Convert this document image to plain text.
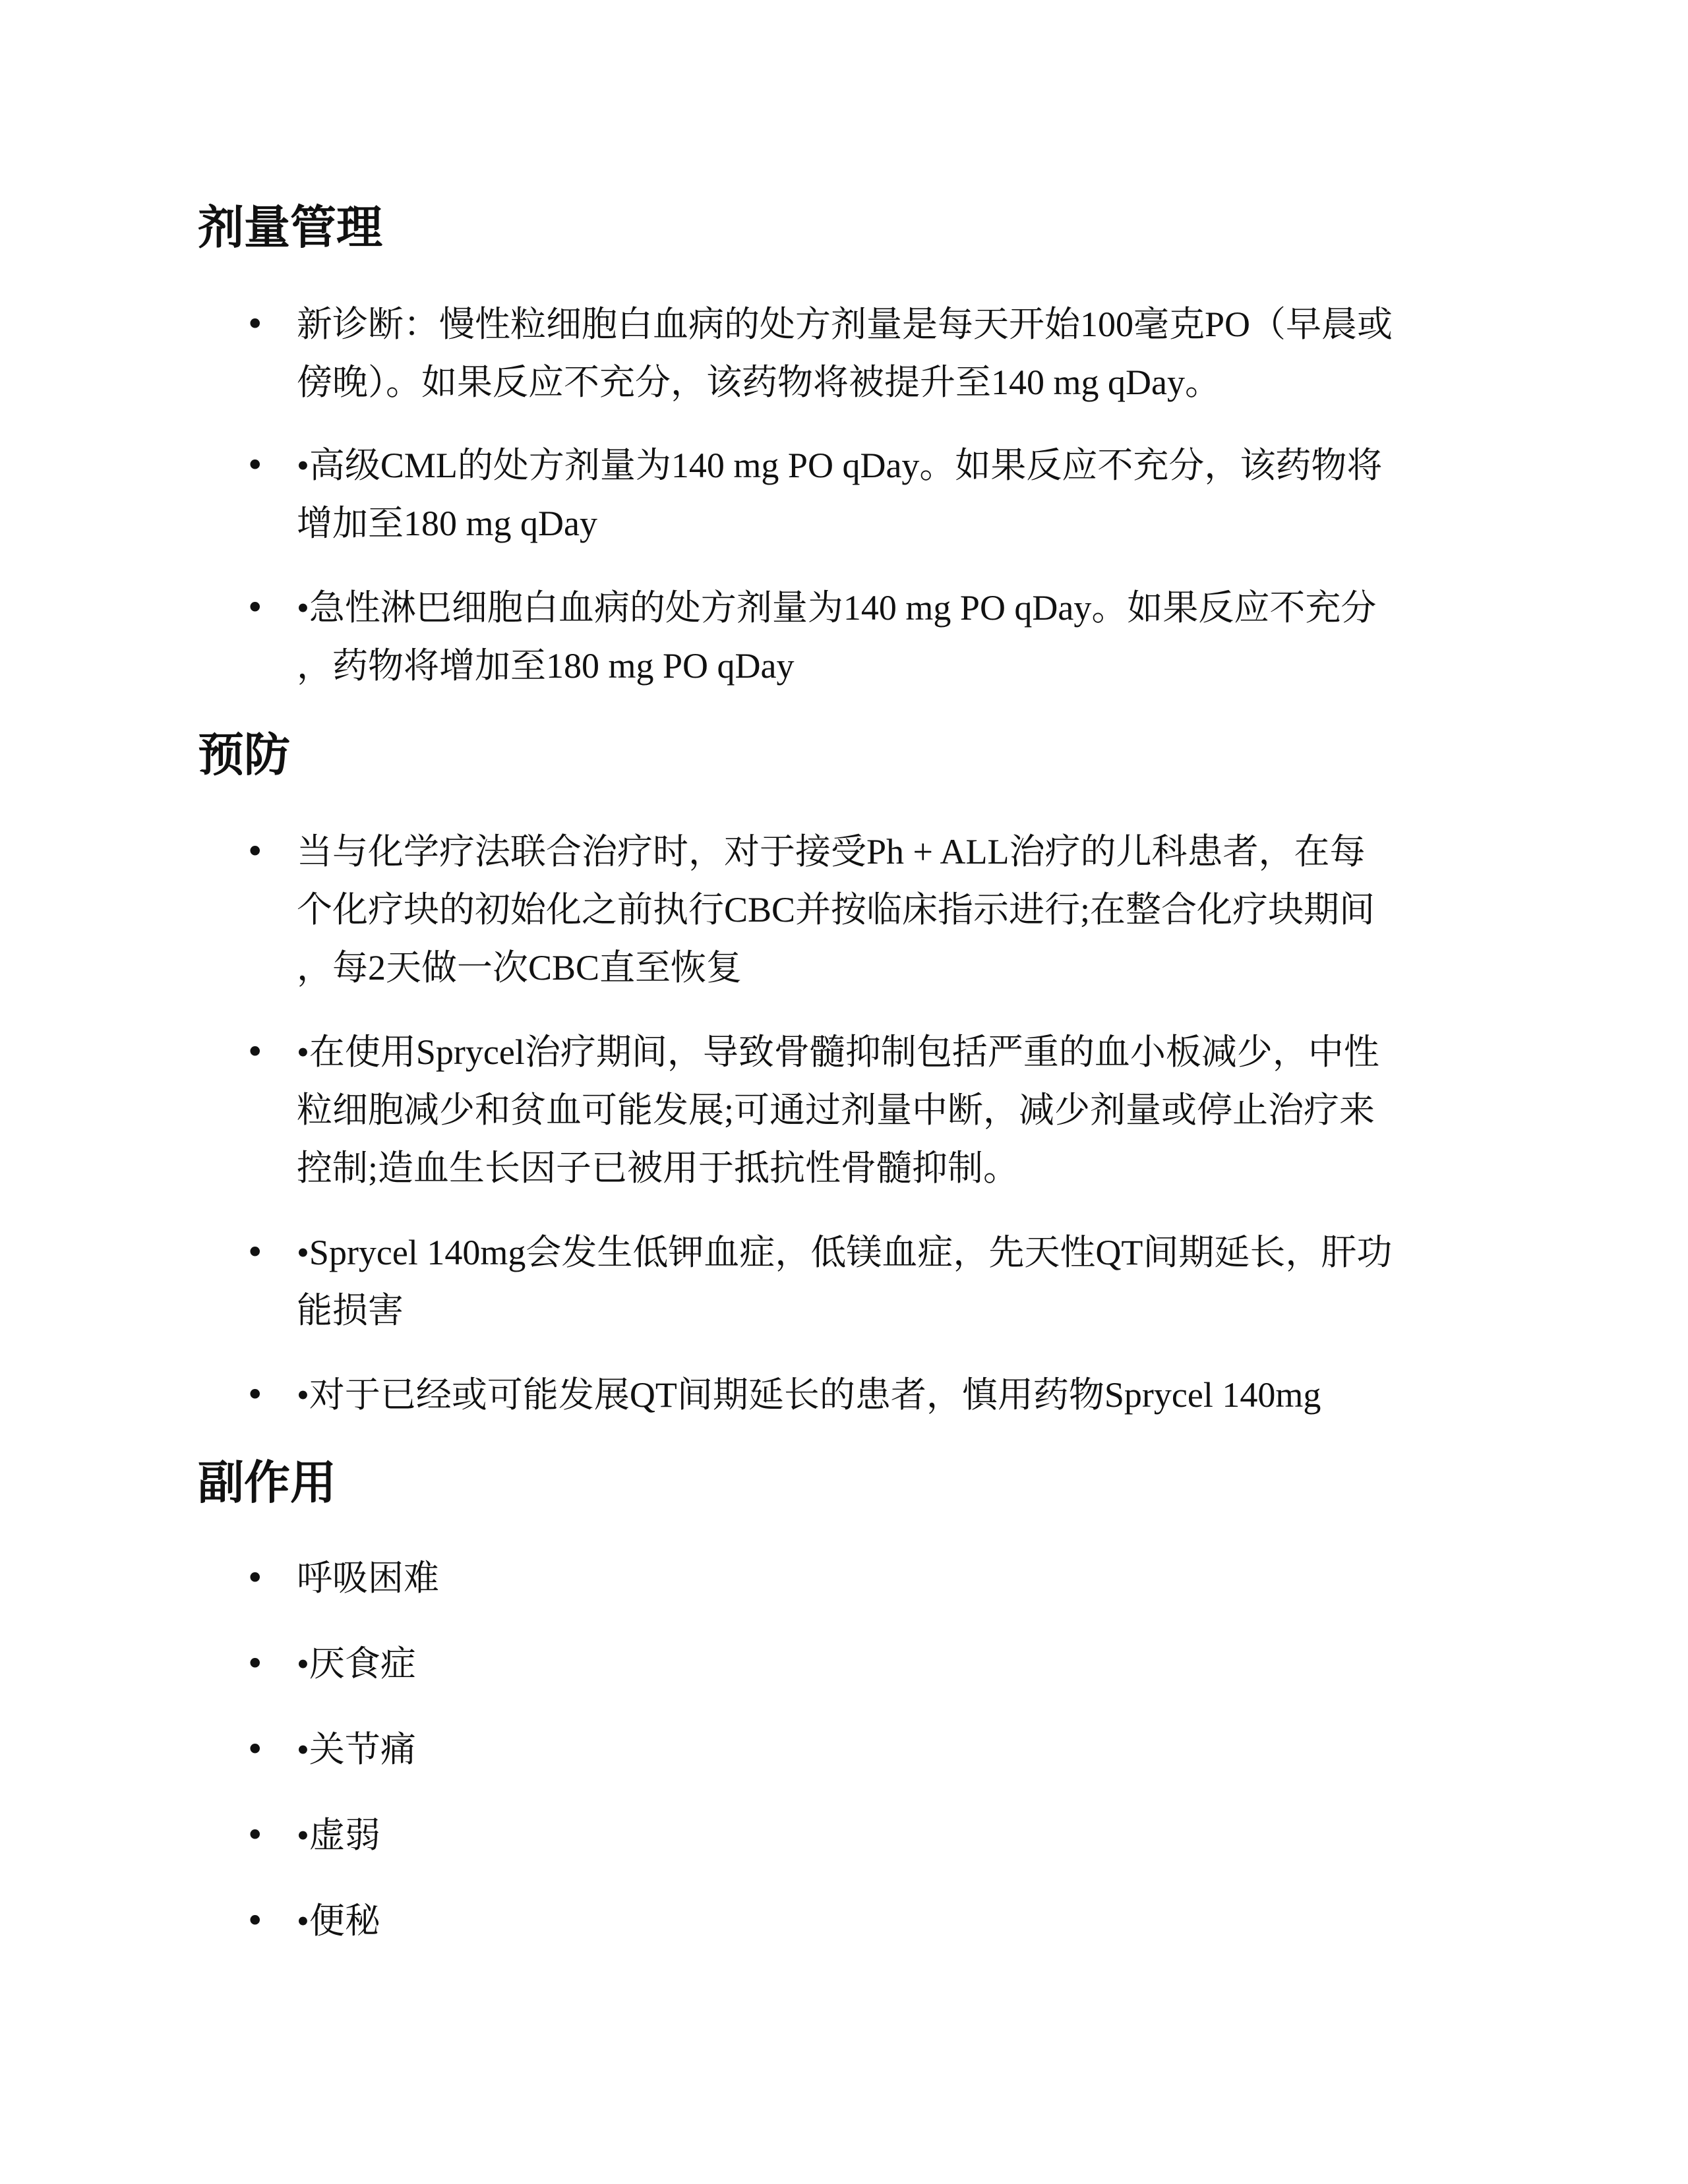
剂量管理
• 新诊断：慢性粒细胞白血病的处方剂量是每天开始100毫克PO（早晨或
傍晚）。如果反应不充分，该药物将被提升至140 mg qDay。

• •高级CML的处方剂量为140 mg PO qDay。如果反应不充分，该药物将
增加至180 mg qDay

• •急性淋巴细胞白血病的处方剂量为140 mg PO qDay。如果反应不充分
，药物将增加至180 mg PO qDay

预防
• 当与化学疗法联合治疗时，对于接受Ph + ALL治疗的儿科患者，在每
个化疗块的初始化之前执行CBC并按临床指示进行;在整合化疗块期间
，每2天做一次CBC直至恢复

• •在使用Sprycel治疗期间，导致骨髓抑制包括严重的血小板减少，中性
粒细胞减少和贫血可能发展;可通过剂量中断，减少剂量或停止治疗来
控制;造血生长因子已被用于抵抗性骨髓抑制。

• •Sprycel 140mg会发生低钾血症，低镁血症，先天性QT间期延长，肝功
能损害

• •对于已经或可能发展QT间期延长的患者，慎用药物Sprycel 140mg

副作用
• 呼吸困难

• •厌食症

• •关节痛

• •虚弱

• •便秘
